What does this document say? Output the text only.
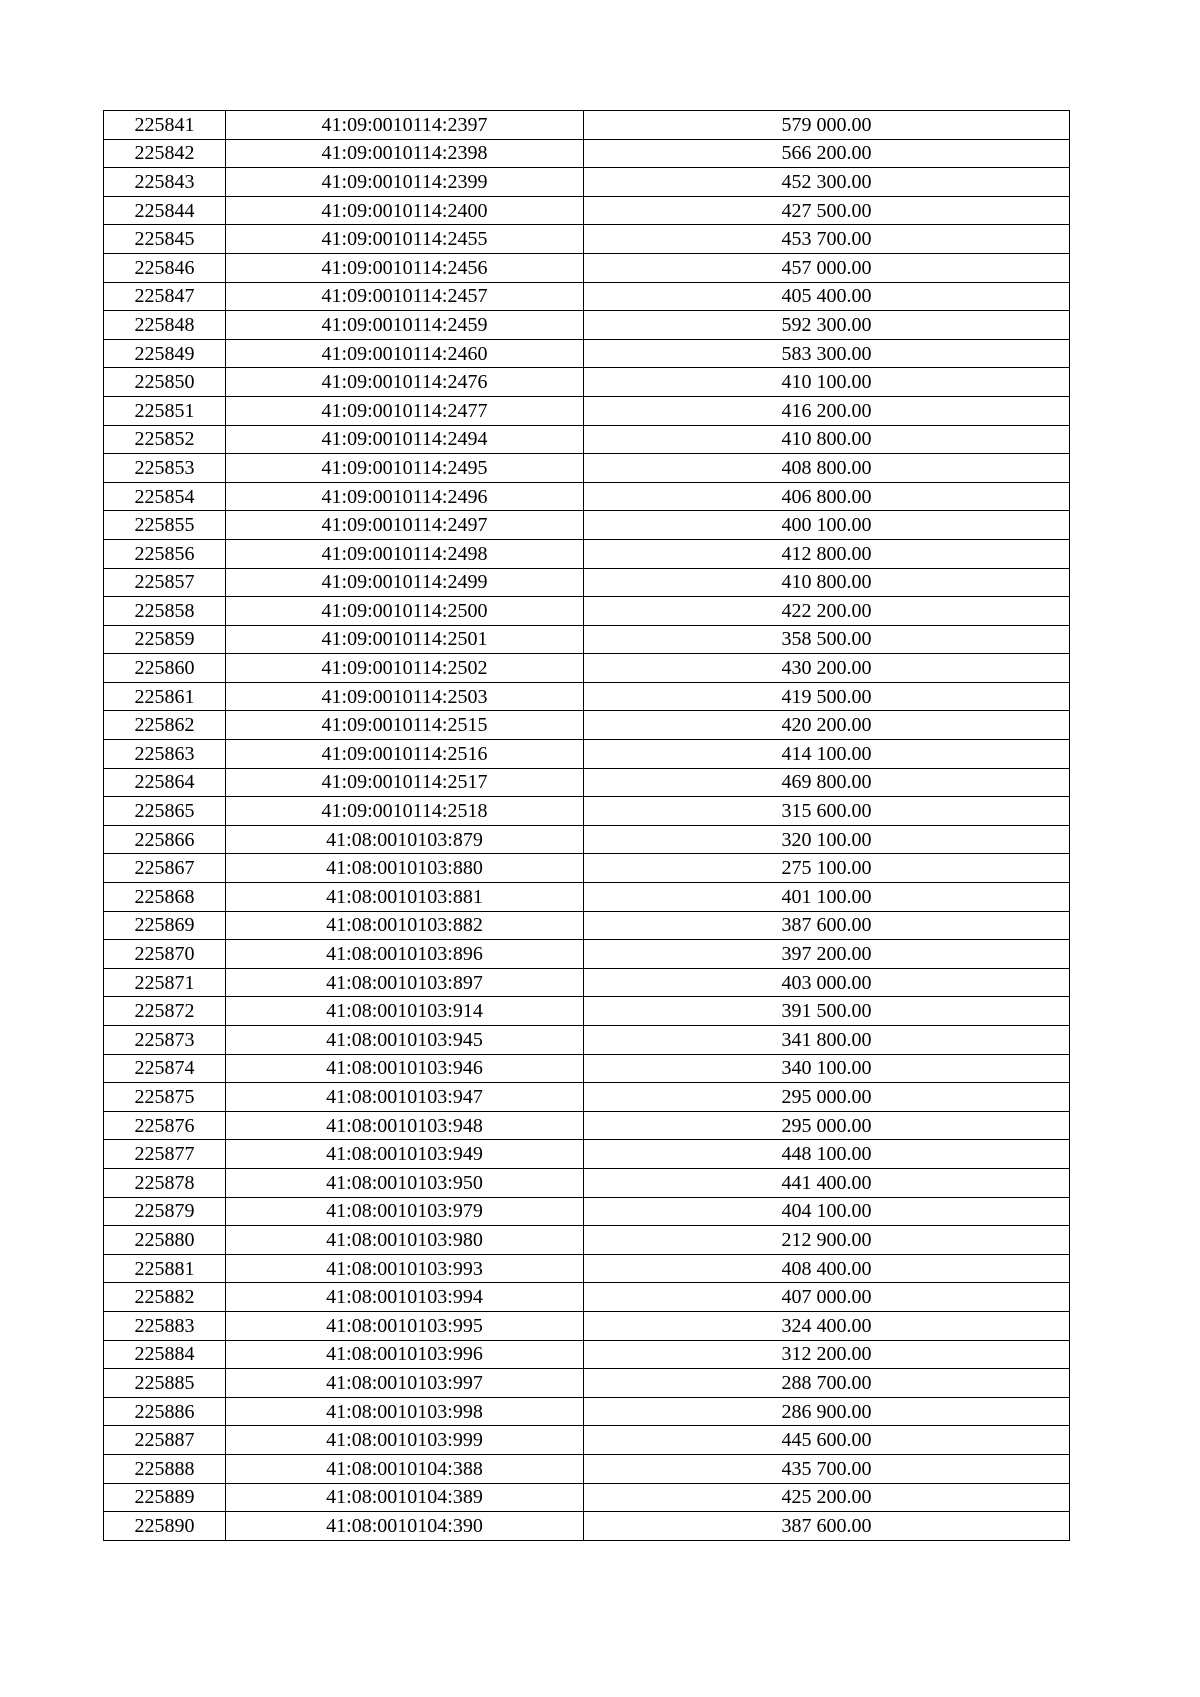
225841	41:09:0010114:2397	579 000.00
225842	41:09:0010114:2398	566 200.00
225843	41:09:0010114:2399	452 300.00
225844	41:09:0010114:2400	427 500.00
225845	41:09:0010114:2455	453 700.00
225846	41:09:0010114:2456	457 000.00
225847	41:09:0010114:2457	405 400.00
225848	41:09:0010114:2459	592 300.00
225849	41:09:0010114:2460	583 300.00
225850	41:09:0010114:2476	410 100.00
225851	41:09:0010114:2477	416 200.00
225852	41:09:0010114:2494	410 800.00
225853	41:09:0010114:2495	408 800.00
225854	41:09:0010114:2496	406 800.00
225855	41:09:0010114:2497	400 100.00
225856	41:09:0010114:2498	412 800.00
225857	41:09:0010114:2499	410 800.00
225858	41:09:0010114:2500	422 200.00
225859	41:09:0010114:2501	358 500.00
225860	41:09:0010114:2502	430 200.00
225861	41:09:0010114:2503	419 500.00
225862	41:09:0010114:2515	420 200.00
225863	41:09:0010114:2516	414 100.00
225864	41:09:0010114:2517	469 800.00
225865	41:09:0010114:2518	315 600.00
225866	41:08:0010103:879	320 100.00
225867	41:08:0010103:880	275 100.00
225868	41:08:0010103:881	401 100.00
225869	41:08:0010103:882	387 600.00
225870	41:08:0010103:896	397 200.00
225871	41:08:0010103:897	403 000.00
225872	41:08:0010103:914	391 500.00
225873	41:08:0010103:945	341 800.00
225874	41:08:0010103:946	340 100.00
225875	41:08:0010103:947	295 000.00
225876	41:08:0010103:948	295 000.00
225877	41:08:0010103:949	448 100.00
225878	41:08:0010103:950	441 400.00
225879	41:08:0010103:979	404 100.00
225880	41:08:0010103:980	212 900.00
225881	41:08:0010103:993	408 400.00
225882	41:08:0010103:994	407 000.00
225883	41:08:0010103:995	324 400.00
225884	41:08:0010103:996	312 200.00
225885	41:08:0010103:997	288 700.00
225886	41:08:0010103:998	286 900.00
225887	41:08:0010103:999	445 600.00
225888	41:08:0010104:388	435 700.00
225889	41:08:0010104:389	425 200.00
225890	41:08:0010104:390	387 600.00
